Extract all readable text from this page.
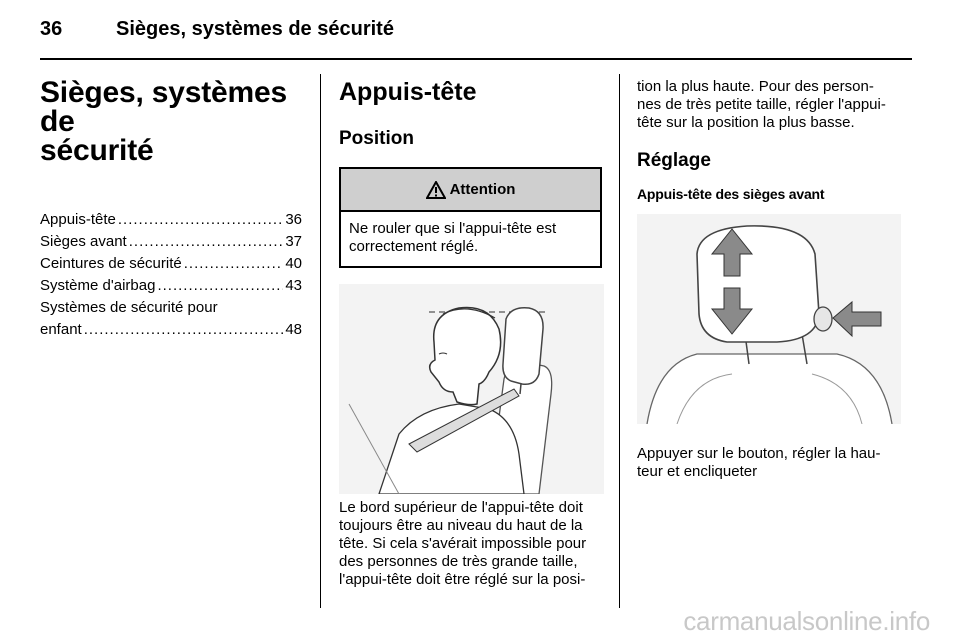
36	Sièges, systèmes de sécurité
Sièges, systèmes de
sécurité
Appuis-tête .....	36
Sièges avant .....	37
Ceintures de sécurité .....	40
Système d'airbag .....	43
Systèmes de sécurité pour
enfant .....	48
Appuis-tête
Position
Attention
Ne rouler que si l'appui-tête est correctement réglé.
Le bord supérieur de l'appui-tête doit
toujours être au niveau du haut de la
tête. Si cela s'avérait impossible pour
des personnes de très grande taille,
l'appui-tête doit être réglé sur la posi-
tion la plus haute. Pour des person-
nes de très petite taille, régler l'appui-
tête sur la position la plus basse.
Réglage
Appuis-tête des sièges avant
Appuyer sur le bouton, régler la hau-
teur et encliqueter
carmanualsonline.info
